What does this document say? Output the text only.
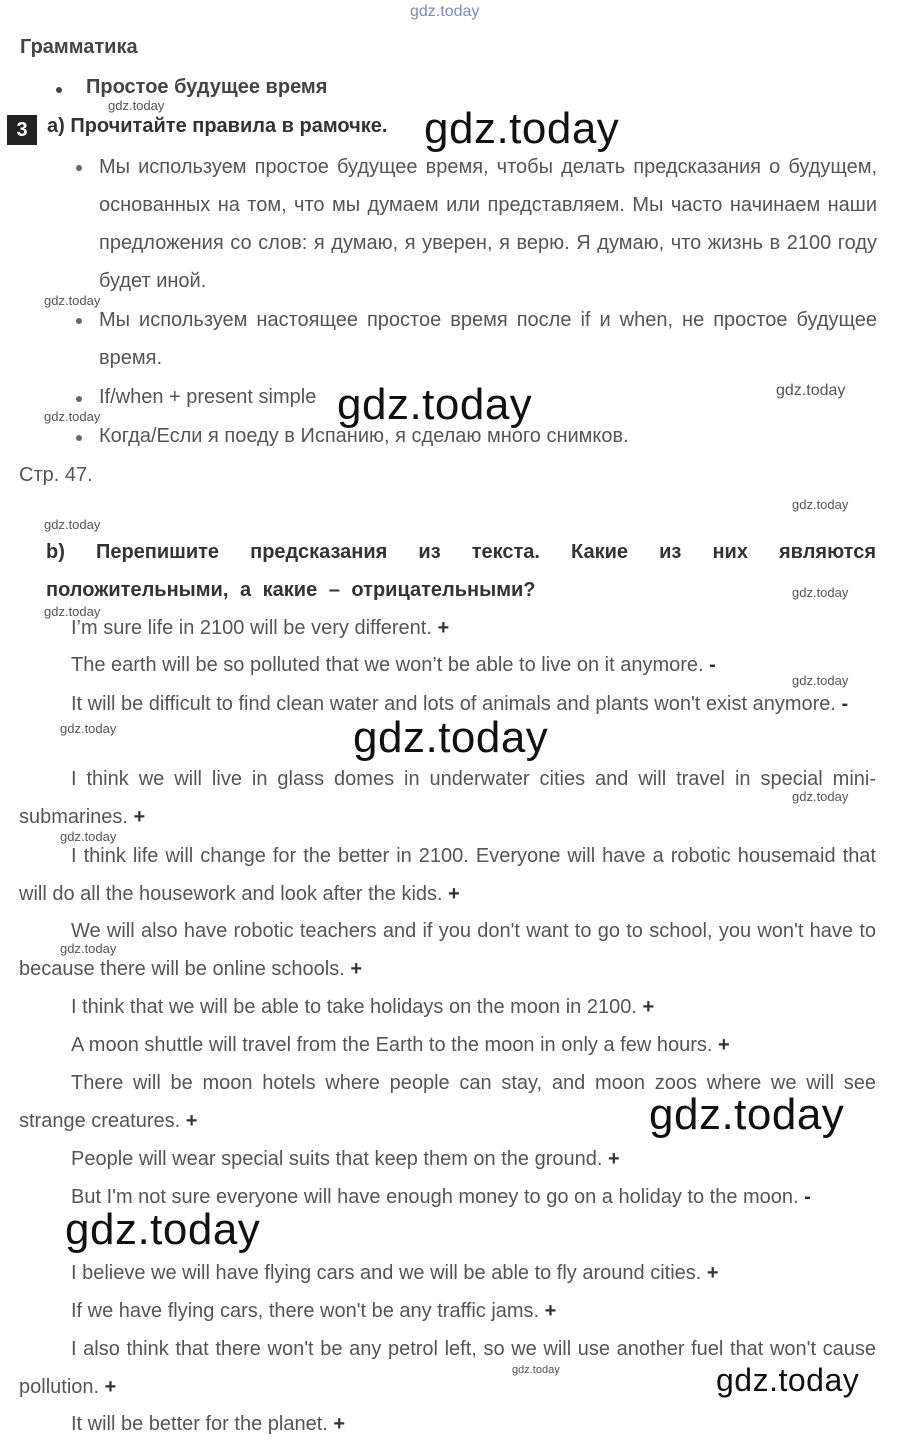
gdz.today
Грамматика
Простое будущее время
3 а) Прочитайте правила в рамочке.
Мы используем простое будущее время, чтобы делать предсказания о будущем, основанных на том, что мы думаем или представляем. Мы часто начинаем наши предложения со слов: я думаю, я уверен, я верю. Я думаю, что жизнь в 2100 году будет иной.
Мы используем настоящее простое время после if и when, не простое будущее время.
If/when + present simple
Когда/Если я поеду в Испанию, я сделаю много снимков.
Стр. 47.
b) Перепишите предсказания из текста. Какие из них являются положительными, а какие – отрицательными?
I’m sure life in 2100 will be very different. +
The earth will be so polluted that we won’t be able to live on it anymore. -
It will be difficult to find clean water and lots of animals and plants won't exist anymore. -
I think we will live in glass domes in underwater cities and will travel in special mini-submarines. +
I think life will change for the better in 2100. Everyone will have a robotic housemaid that will do all the housework and look after the kids. +
We will also have robotic teachers and if you don't want to go to school, you won't have to because there will be online schools. +
I think that we will be able to take holidays on the moon in 2100. +
A moon shuttle will travel from the Earth to the moon in only a few hours. +
There will be moon hotels where people can stay, and moon zoos where we will see strange creatures. +
People will wear special suits that keep them on the ground. +
But I'm not sure everyone will have enough money to go on a holiday to the moon. -
I believe we will have flying cars and we will be able to fly around cities. +
If we have flying cars, there won't be any traffic jams. +
I also think that there won't be any petrol left, so we will use another fuel that won't cause pollution. +
It will be better for the planet. +
gdz.today
gdz.today
gdz.today
gdz.today
gdz.today
gdz.today
gdz.today
gdz.today
gdz.today
gdz.today
gdz.today
gdz.today
gdz.today
gdz.today
gdz.today
gdz.today
gdz.today
gdz.today
gdz.today
gdz.today
